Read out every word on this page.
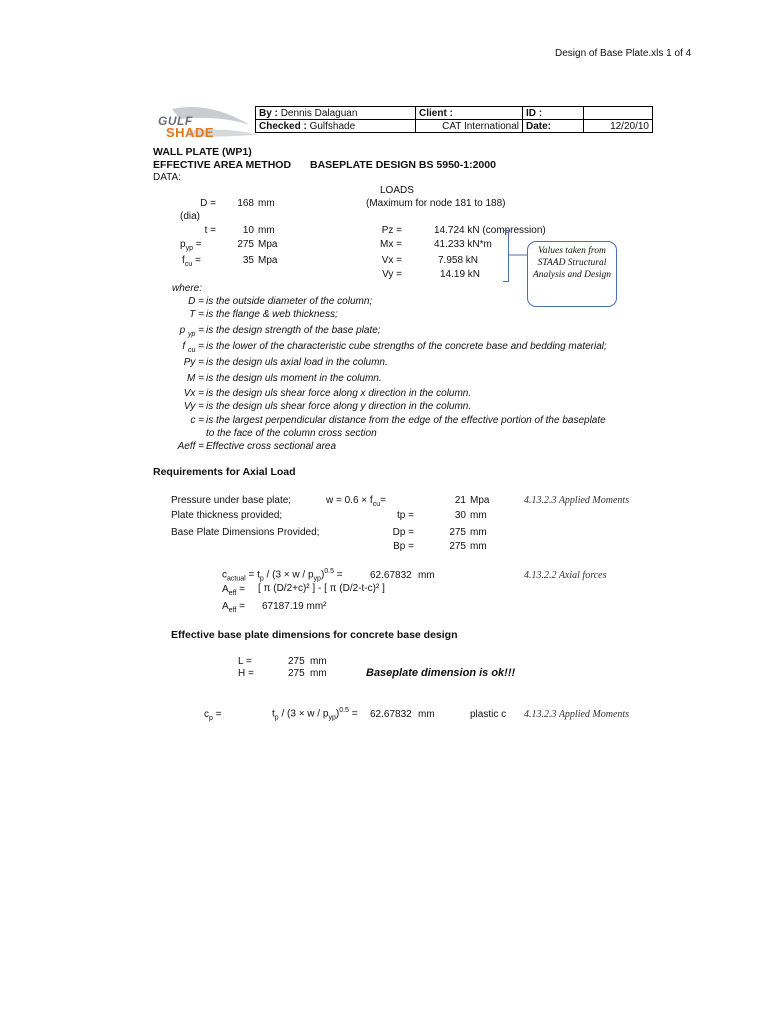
Design of Base Plate.xls 1 of 4
GULF
SHADE
By : Dennis Dalaguan	Client :	ID :	
Checked : Gulfshade	CAT International	Date:	12/20/10
WALL PLATE (WP1)
EFFECTIVE AREA METHOD BASEPLATE DESIGN BS 5950-1:2000
DATA:
LOADS
(Maximum for node 181 to 188)
D =	168 mm
(dia)
t =	10 mm
$p_{yp}$ =	275 Mpa
$f_{cu}$ =	35 Mpa
Pz =	14.724 kN (compression)
Mx =	41.233 kN*m
Vx =	7.958 kN
Vy =	14.19 kN
Values taken from STAAD Structural Analysis and Design
where:
D = is the outside diameter of the column;
T = is the flange & web thickness;
p $_{yp}$ = is the design strength of the base plate;
f $_{cu}$ = is the lower of the characteristic cube strengths of the concrete base and bedding material;
Py = is the design uls axial load in the column.
M = is the design uls moment in the column.
Vx = is the design uls shear force along x direction in the column.
Vy = is the design uls shear force along y direction in the column.
c = is the largest perpendicular distance from the edge of the effective portion of the baseplate
to the face of the column cross section
Aeff = Effective cross sectional area
Requirements for Axial Load
Pressure under base plate;	$w = 0.6 \times f_{cu}=$	21 Mpa	4.13.2.3 Applied Moments
Plate thickness provided;	tp =	30 mm
Base Plate Dimensions Provided;	Dp =	275 mm
Bp =	275 mm
$c_{actual} = t_p / (3 \times w / p_{yp})^{0.5}$ =	62.67832 mm	4.13.2.2 Axial forces
$A_{eff}$ = [ π (D/2+c)² ] - [ π (D/2-t-c)² ]
$A_{eff} = 67187.19$ mm²
Effective base plate dimensions for concrete base design
L =	275 mm
H =	275 mm	Baseplate dimension is ok!!!
$c_p$ =	$t_p / (3 \times w / p_{yp})^{0.5} = 62.67832$ mm	plastic c 4.13.2.3 Applied Moments
